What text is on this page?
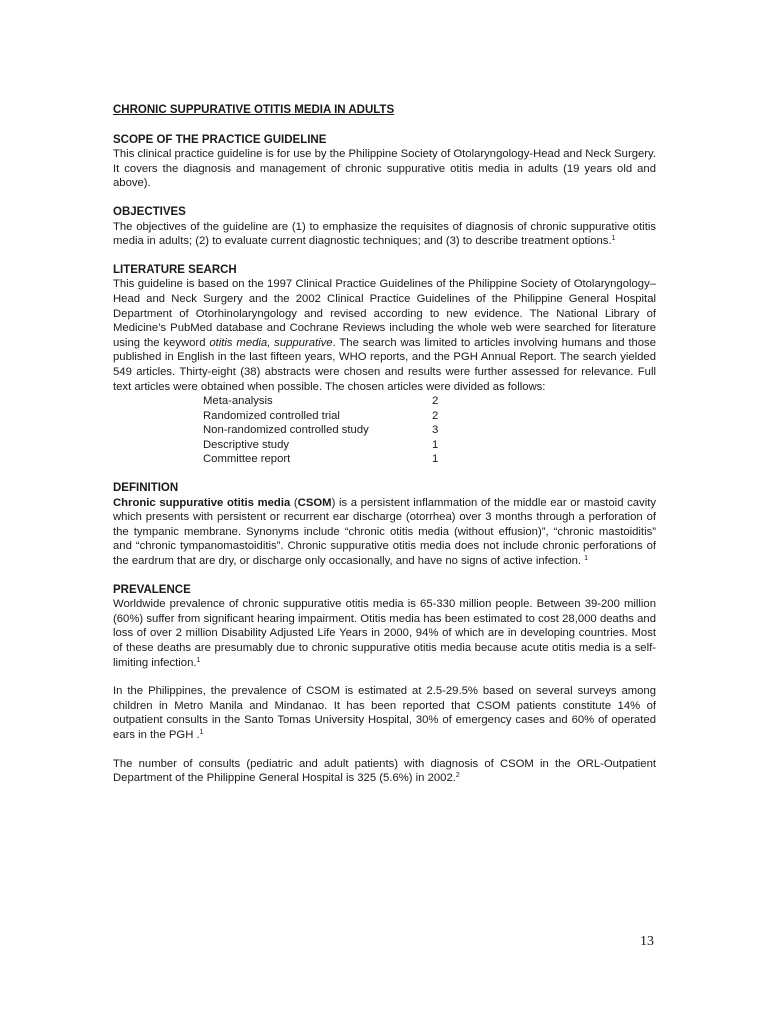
CHRONIC SUPPURATIVE OTITIS MEDIA IN ADULTS
SCOPE OF THE PRACTICE GUIDELINE

This clinical practice guideline is for use by the Philippine Society of Otolaryngology-Head and Neck Surgery. It covers the diagnosis and management of chronic suppurative otitis media in adults (19 years old and above).

OBJECTIVES

The objectives of the guideline are (1) to emphasize the requisites of diagnosis of chronic suppurative otitis media in adults; (2) to evaluate current diagnostic techniques; and (3) to describe treatment options.$^1$

LITERATURE SEARCH

This guideline is based on the 1997 Clinical Practice Guidelines of the Philippine Society of Otolaryngology– Head and Neck Surgery and the 2002 Clinical Practice Guidelines of the Philippine General Hospital Department of Otorhinolaryngology and revised according to new evidence. The National Library of Medicine’s PubMed database and Cochrane Reviews including the whole web were searched for literature using the keyword otitis media, suppurative. The search was limited to articles involving humans and those published in English in the last fifteen years, WHO reports, and the PGH Annual Report. The search yielded 549 articles. Thirty-eight (38) abstracts were chosen and results were further assessed for relevance. Full text articles were obtained when possible. The chosen articles were divided as follows:

Meta-analysis	2
Randomized controlled trial	2
Non-randomized controlled study	3
Descriptive study	1
Committee report	1
DEFINITION

Chronic suppurative otitis media (CSOM) is a persistent inflammation of the middle ear or mastoid cavity which presents with persistent or recurrent ear discharge (otorrhea) over 3 months through a perforation of the tympanic membrane. Synonyms include “chronic otitis media (without effusion)”, “chronic mastoiditis” and “chronic tympanomastoiditis”. Chronic suppurative otitis media does not include chronic perforations of the eardrum that are dry, or discharge only occasionally, and have no signs of active infection. $^1$

PREVALENCE

Worldwide prevalence of chronic suppurative otitis media is 65-330 million people. Between 39-200 million (60%) suffer from significant hearing impairment. Otitis media has been estimated to cost 28,000 deaths and loss of over 2 million Disability Adjusted Life Years in 2000, 94% of which are in developing countries. Most of these deaths are presumably due to chronic suppurative otitis media because acute otitis media is a self-limiting infection.$^1$

In the Philippines, the prevalence of CSOM is estimated at 2.5-29.5% based on several surveys among children in Metro Manila and Mindanao. It has been reported that CSOM patients constitute 14% of outpatient consults in the Santo Tomas University Hospital, 30% of emergency cases and 60% of operated ears in the PGH .$^1$

The number of consults (pediatric and adult patients) with diagnosis of CSOM in the ORL-Outpatient Department of the Philippine General Hospital is 325 (5.6%) in 2002.$^2$

13
